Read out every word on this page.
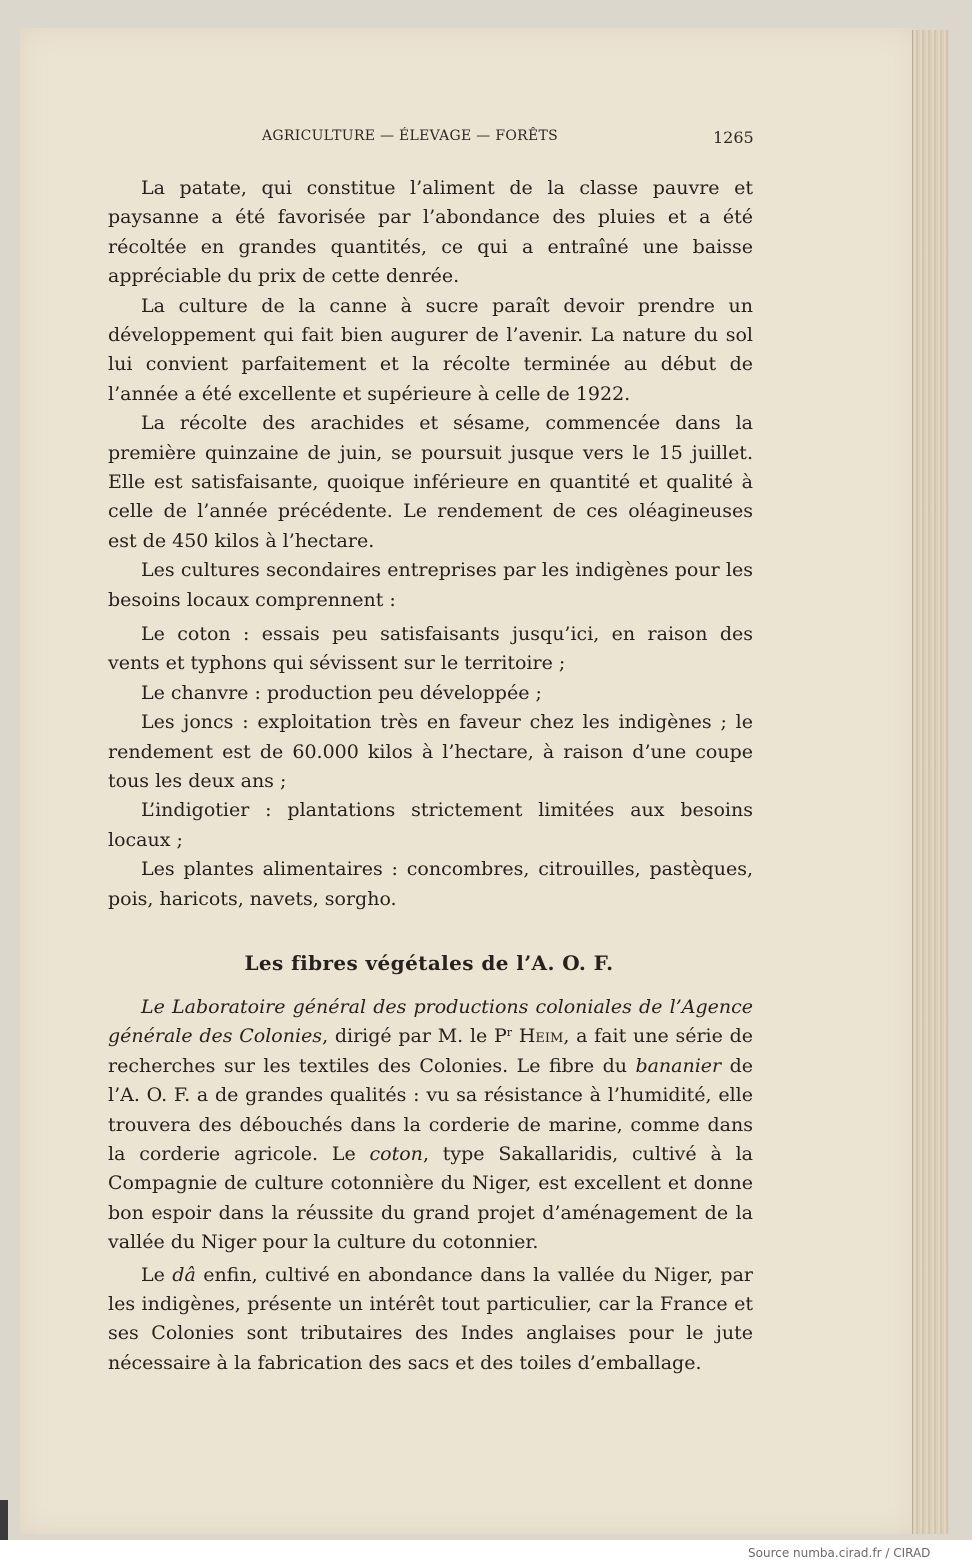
AGRICULTURE — ÉLEVAGE — FORÊTS	1265

La patate, qui constitue l’aliment de la classe pauvre et paysanne a été favorisée par l’abondance des pluies et a été récoltée en grandes quantités, ce qui a entraîné une baisse appréciable du prix de cette denrée.

La culture de la canne à sucre paraît devoir prendre un développement qui fait bien augurer de l’avenir. La nature du sol lui convient parfaitement et la récolte terminée au début de l’année a été excellente et supérieure à celle de 1922.

La récolte des arachides et sésame, commencée dans la première quinzaine de juin, se poursuit jusque vers le 15 juillet. Elle est satisfaisante, quoique inférieure en quantité et qualité à celle de l’année précédente. Le rendement de ces oléagineuses est de 450 kilos à l’hectare.

Les cultures secondaires entreprises par les indigènes pour les besoins locaux comprennent :

Le coton : essais peu satisfaisants jusqu’ici, en raison des vents et typhons qui sévissent sur le territoire ;

Le chanvre : production peu développée ;

Les joncs : exploitation très en faveur chez les indigènes ; le rendement est de 60.000 kilos à l’hectare, à raison d’une coupe tous les deux ans ;

L’indigotier : plantations strictement limitées aux besoins locaux ;

Les plantes alimentaires : concombres, citrouilles, pastèques, pois, haricots, navets, sorgho.

Les fibres végétales de l’A. O. F.

Le Laboratoire général des productions coloniales de l’Agence générale des Colonies, dirigé par M. le $P^r$ Heim, a fait une série de recherches sur les textiles des Colonies. Le fibre du bananier de l’A. O. F. a de grandes qualités : vu sa résistance à l’humidité, elle trouvera des débouchés dans la corderie de marine, comme dans la corderie agricole. Le coton, type Sakallaridis, cultivé à la Compagnie de culture cotonnière du Niger, est excellent et donne bon espoir dans la réussite du grand projet d’aménagement de la vallée du Niger pour la culture du cotonnier.

Le dâ enfin, cultivé en abondance dans la vallée du Niger, par les indigènes, présente un intérêt tout particulier, car la France et ses Colonies sont tributaires des Indes anglaises pour le jute nécessaire à la fabrication des sacs et des toiles d’emballage.

Source numba.cirad.fr / CIRAD
